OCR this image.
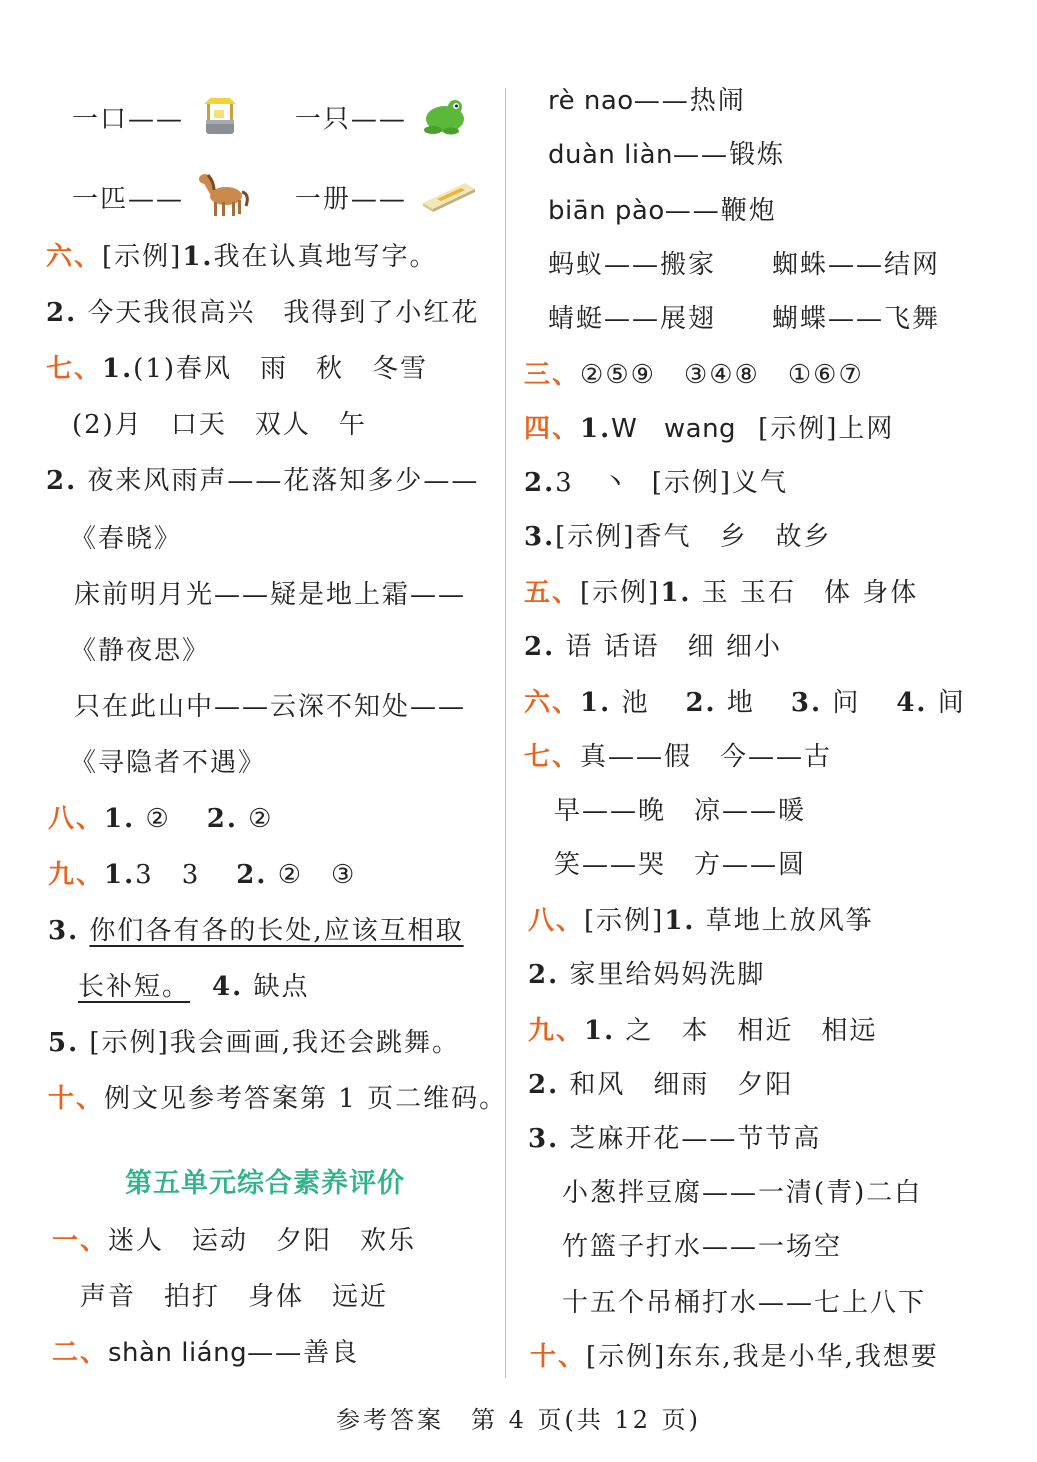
一口——	一只——
一匹——	一册——
六、[示例]1.我在认真地写字。
2. 今天我很高兴　我得到了小红花
七、1.(1)春风　雨　秋　冬雪
(2)月　口天　双人　午
2. 夜来风雨声——花落知多少——
《春晓》
床前明月光——疑是地上霜——
《静夜思》
只在此山中——云深不知处——
《寻隐者不遇》
八、1. ② 2. ②
九、1.3　3 2. ②　③
3. 你们各有各的长处,应该互相取
长补短。 4. 缺点
5. [示例]我会画画,我还会跳舞。
十、例文见参考答案第 1 页二维码。
第五单元综合素养评价
一、迷人　运动　夕阳　欢乐
声音　拍打　身体　远近
二、shàn liáng——善良
rè nao——热闹
duàn liàn——锻炼
biān pào——鞭炮
蚂蚁——搬家　　蜘蛛——结网
蜻蜓——展翅　　蝴蝶——飞舞
三、②⑤⑨　③④⑧　①⑥⑦
四、1.W　wang [示例]上网
2.3　丶 [示例]义气
3.[示例]香气　乡　故乡
五、[示例]1. 玉 玉石　体 身体
2. 语 话语　细 细小
六、1. 池 2. 地 3. 问 4. 间
七、真——假　今——古
早——晚　凉——暖
笑——哭　方——圆
八、[示例]1. 草地上放风筝
2. 家里给妈妈洗脚
九、1. 之　本　相近　相远
2. 和风　细雨　夕阳
3. 芝麻开花——节节高
小葱拌豆腐——一清(青)二白
竹篮子打水——一场空
十五个吊桶打水——七上八下
十、[示例]东东,我是小华,我想要
参考答案　第 4 页(共 12 页)
